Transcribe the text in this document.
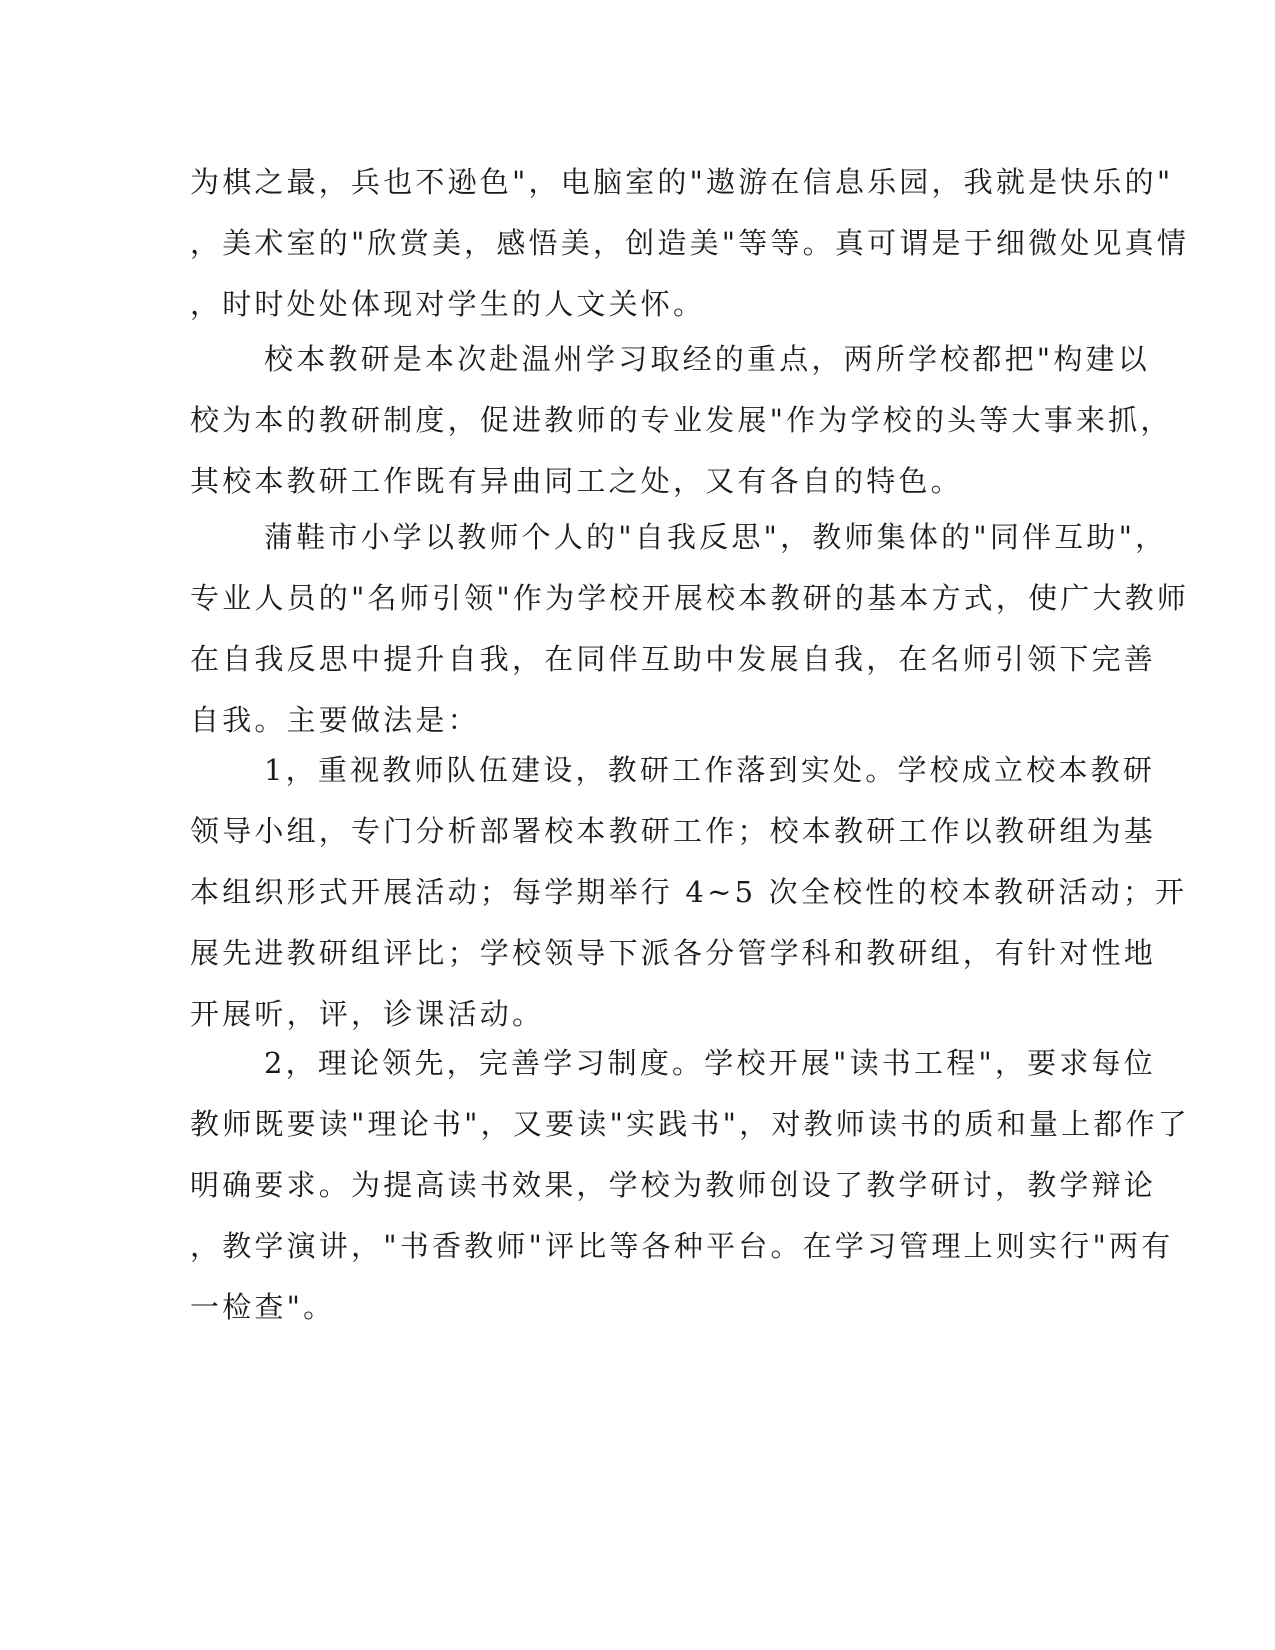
为棋之最，兵也不逊色"，电脑室的"遨游在信息乐园，我就是快乐的"
，美术室的"欣赏美，感悟美，创造美"等等。真可谓是于细微处见真情
，时时处处体现对学生的人文关怀。
校本教研是本次赴温州学习取经的重点，两所学校都把"构建以
校为本的教研制度，促进教师的专业发展"作为学校的头等大事来抓，
其校本教研工作既有异曲同工之处，又有各自的特色。
蒲鞋市小学以教师个人的"自我反思"，教师集体的"同伴互助"，
专业人员的"名师引领"作为学校开展校本教研的基本方式，使广大教师
在自我反思中提升自我，在同伴互助中发展自我，在名师引领下完善
自我。主要做法是：
1，重视教师队伍建设，教研工作落到实处。学校成立校本教研
领导小组，专门分析部署校本教研工作；校本教研工作以教研组为基
本组织形式开展活动；每学期举行 4~5 次全校性的校本教研活动；开
展先进教研组评比；学校领导下派各分管学科和教研组，有针对性地
开展听，评，诊课活动。
2，理论领先，完善学习制度。学校开展"读书工程"，要求每位
教师既要读"理论书"，又要读"实践书"，对教师读书的质和量上都作了
明确要求。为提高读书效果，学校为教师创设了教学研讨，教学辩论
，教学演讲，"书香教师"评比等各种平台。在学习管理上则实行"两有
一检查"。
